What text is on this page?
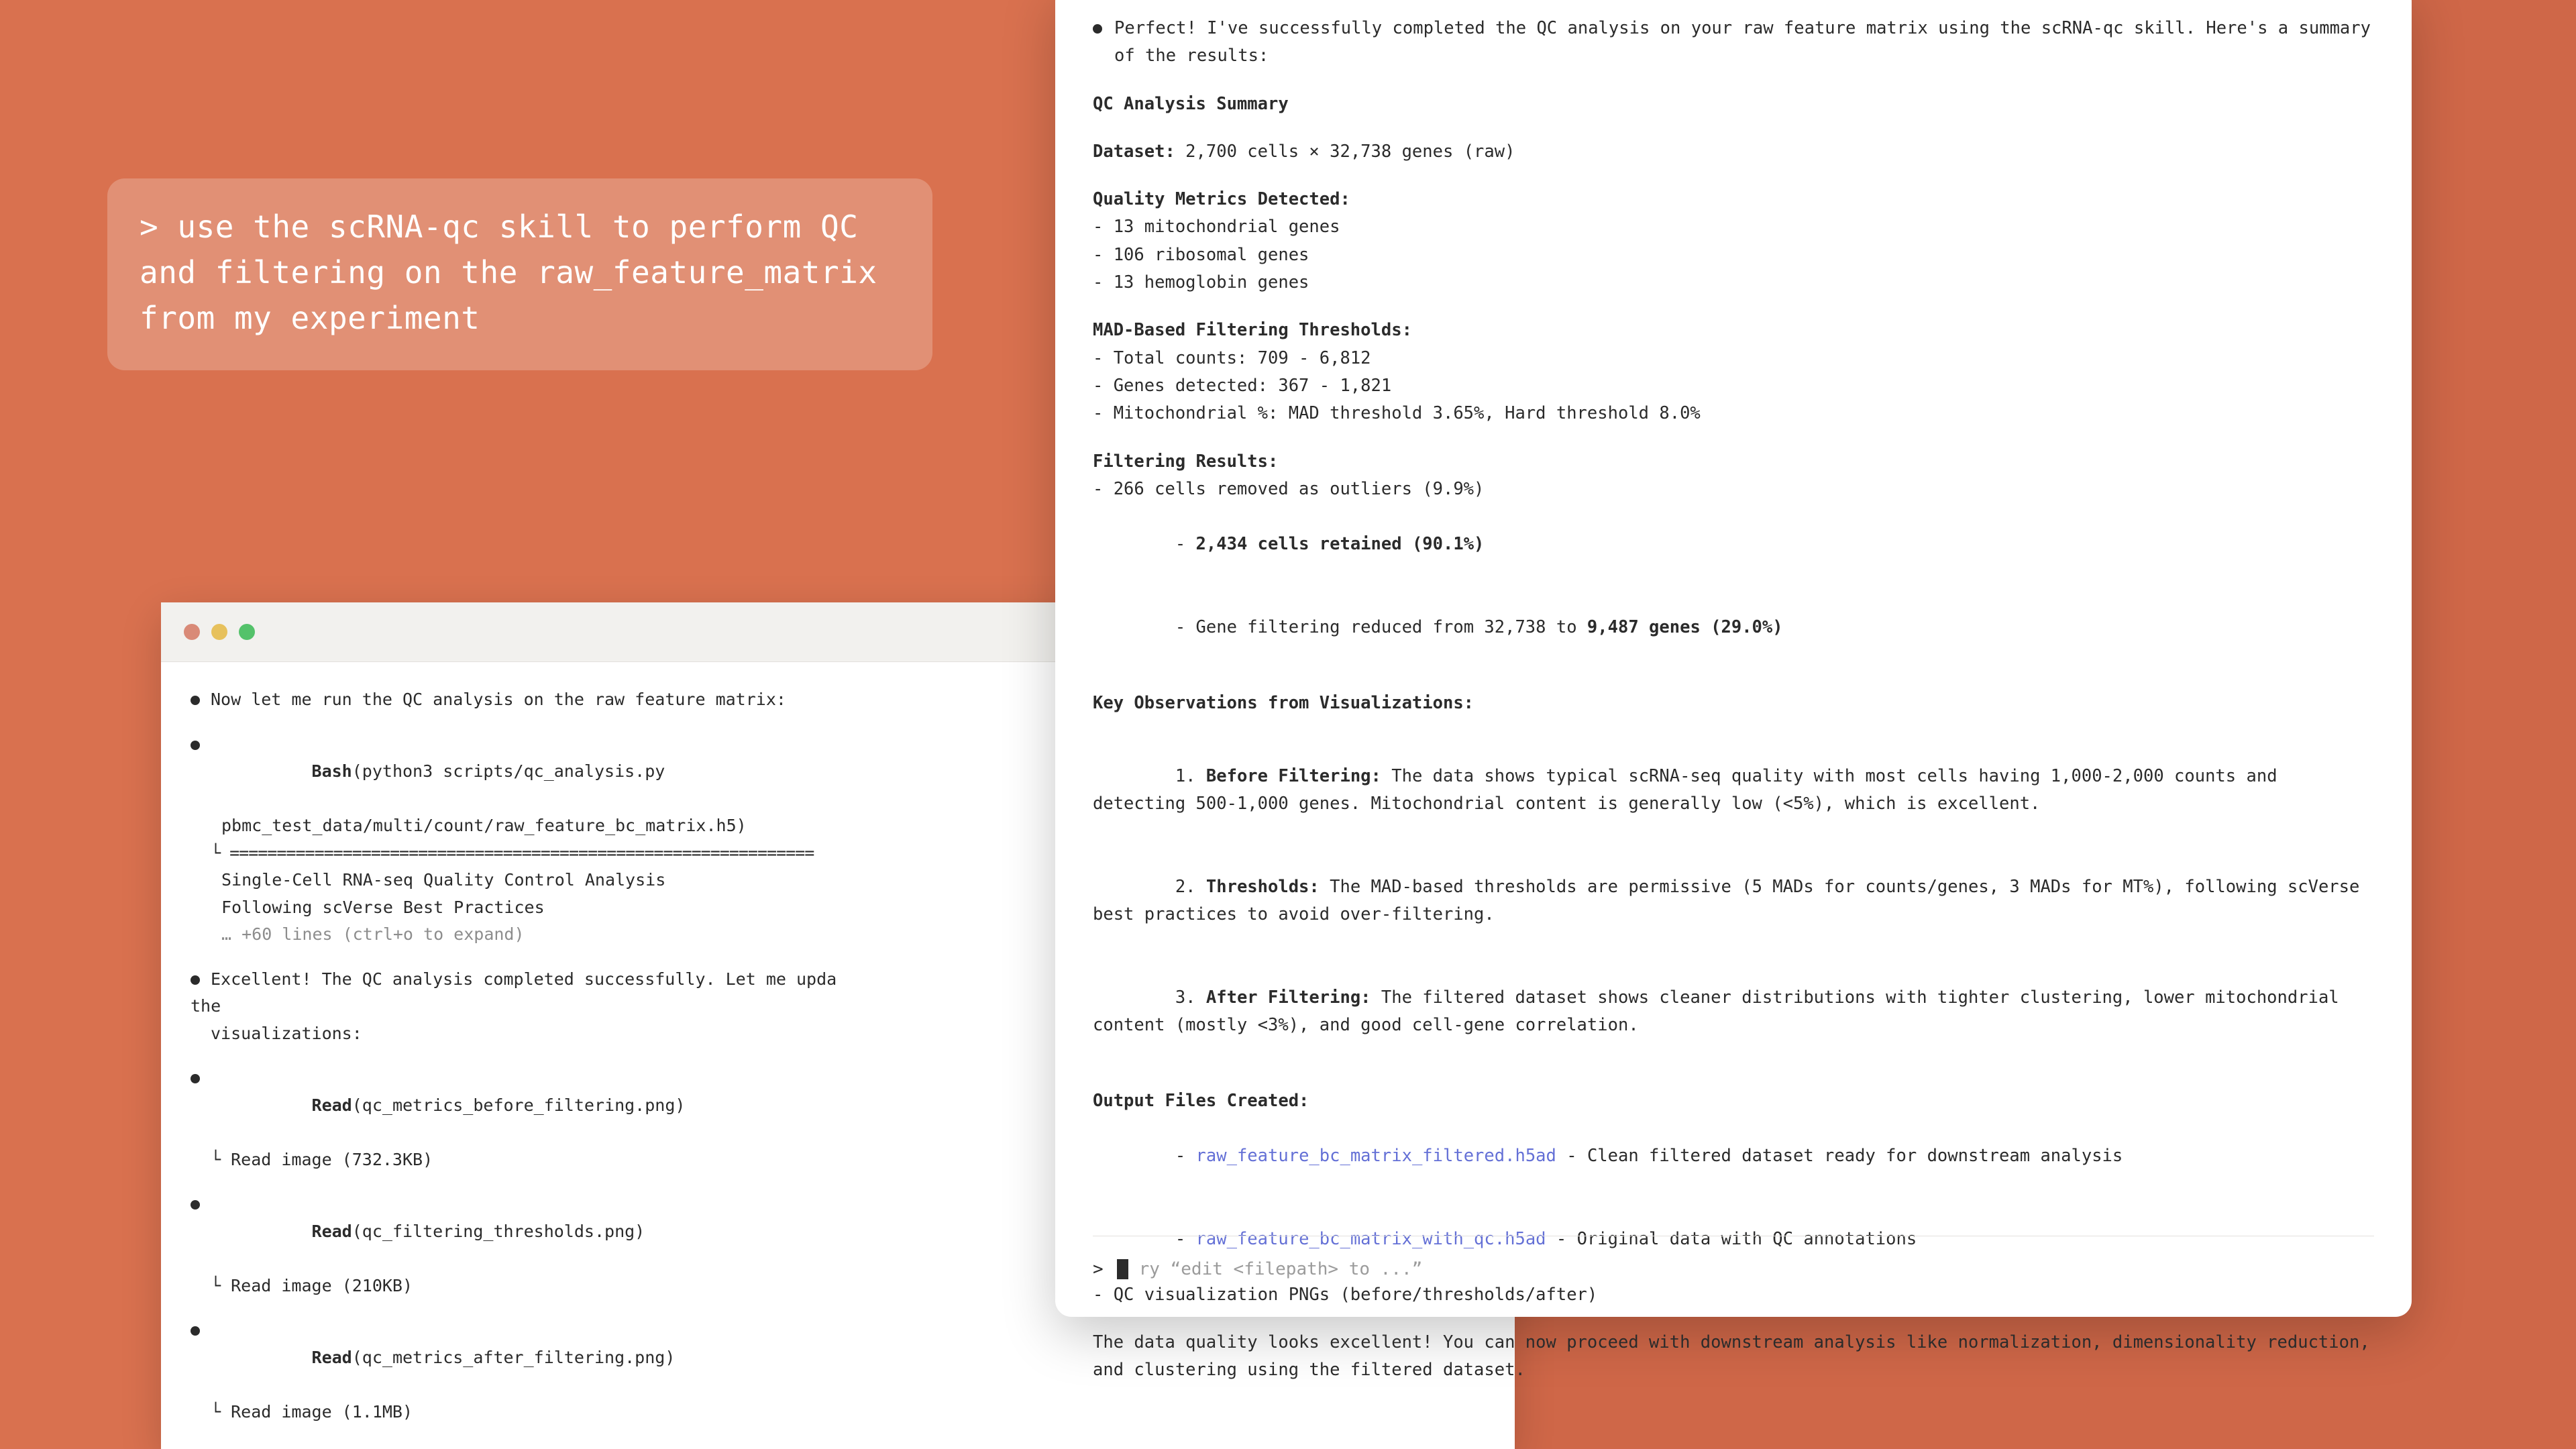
> use the scRNA-qc skill to perform QC and filtering on the raw_feature_matrix from my experiment
Now let me run the QC analysis on the raw feature matrix:

Bash(python3 scripts/qc_analysis.py

pbmc_test_data/multi/count/raw_feature_bc_matrix.h5)
└ ==============================================================
Single-Cell RNA-seq Quality Control Analysis
Following scVerse Best Practices
… +60 lines (ctrl+o to expand)
Excellent! The QC analysis completed successfully. Let me upda
the
visualizations:

Read(qc_metrics_before_filtering.png)

└ Read image (732.3KB)

Read(qc_filtering_thresholds.png)

└ Read image (210KB)

Read(qc_metrics_after_filtering.png)

└ Read image (1.1MB)
Perfect! I've successfully completed the QC analysis on your raw feature matrix using the scRNA-qc skill. Here's a summary of the results:
QC Analysis Summary
Dataset: 2,700 cells × 32,738 genes (raw)
Quality Metrics Detected:
- 13 mitochondrial genes
- 106 ribosomal genes
- 13 hemoglobin genes
MAD-Based Filtering Thresholds:
- Total counts: 709 - 6,812
- Genes detected: 367 - 1,821
- Mitochondrial %: MAD threshold 3.65%, Hard threshold 8.0%
Filtering Results:
- 266 cells removed as outliers (9.9%)

- 2,434 cells retained (90.1%)

- Gene filtering reduced from 32,738 to 9,487 genes (29.0%)

Key Observations from Visualizations:

1. Before Filtering: The data shows typical scRNA-seq quality with most cells having 1,000-2,000 counts and detecting 500-1,000 genes. Mitochondrial content is generally low (<5%), which is excellent.

2. Thresholds: The MAD-based thresholds are permissive (5 MADs for counts/genes, 3 MADs for MT%), following scVerse best practices to avoid over-filtering.

3. After Filtering: The filtered dataset shows cleaner distributions with tighter clustering, lower mitochondrial content (mostly <3%), and good cell-gene correlation.

Output Files Created:

- raw_feature_bc_matrix_filtered.h5ad - Clean filtered dataset ready for downstream analysis

- raw_feature_bc_matrix_with_qc.h5ad - Original data with QC annotations

- QC visualization PNGs (before/thresholds/after)
The data quality looks excellent! You can now proceed with downstream analysis like normalization, dimensionality reduction, and clustering using the filtered dataset.
> ry “edit <filepath> to ...”
